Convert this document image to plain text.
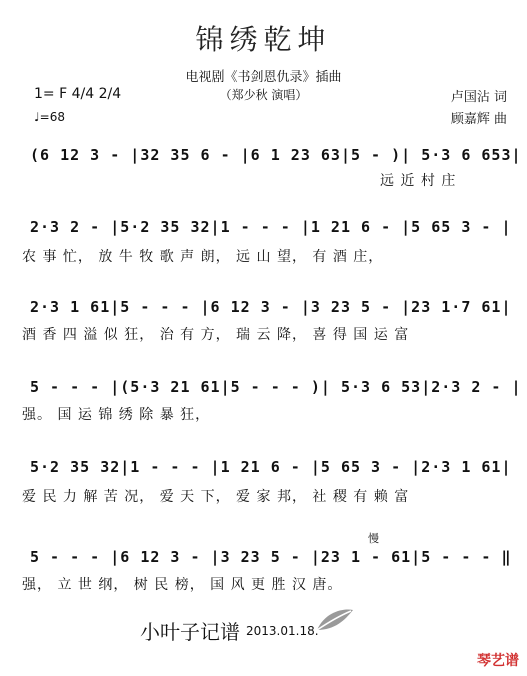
锦绣乾坤
电视剧《书剑恩仇录》插曲
（郑少秋 演唱）	卢国沾 词
顾嘉辉 曲
1= F 4/4 2/4
♩=68
(6 12 3 - |32 35 6 - |6 1 23 63|5 - )| 5·3 6 653|
远 近 村 庄
2·3 2 - |5·2 35 32|1 - - - |1 21 6 - |5 65 3 - |
农 事 忙， 放 牛 牧 歌 声 朗， 远 山 望， 有 酒 庄，
2·3 1 61|5 - - - |6 12 3 - |3 23 5 - |23 1·7 61|
酒 香 四 溢 似 狂， 治 有 方， 瑞 云 降， 喜 得 国 运 富
5 - - - |(5·3 21 61|5 - - - )| 5·3 6 53|2·3 2 - |
强。 国 运 锦 绣 除 暴 狂，
5·2 35 32|1 - - - |1 21 6 - |5 65 3 - |2·3 1 61|
爱 民 力 解 苦 况， 爱 天 下， 爱 家 邦， 社 稷 有 赖 富
慢
5 - - - |6 12 3 - |3 23 5 - |23 1 - 61|5 - - - ‖
强， 立 世 纲， 树 民 榜， 国 风 更 胜 汉 唐。
小叶子记谱 2013.01.18.
琴艺谱
